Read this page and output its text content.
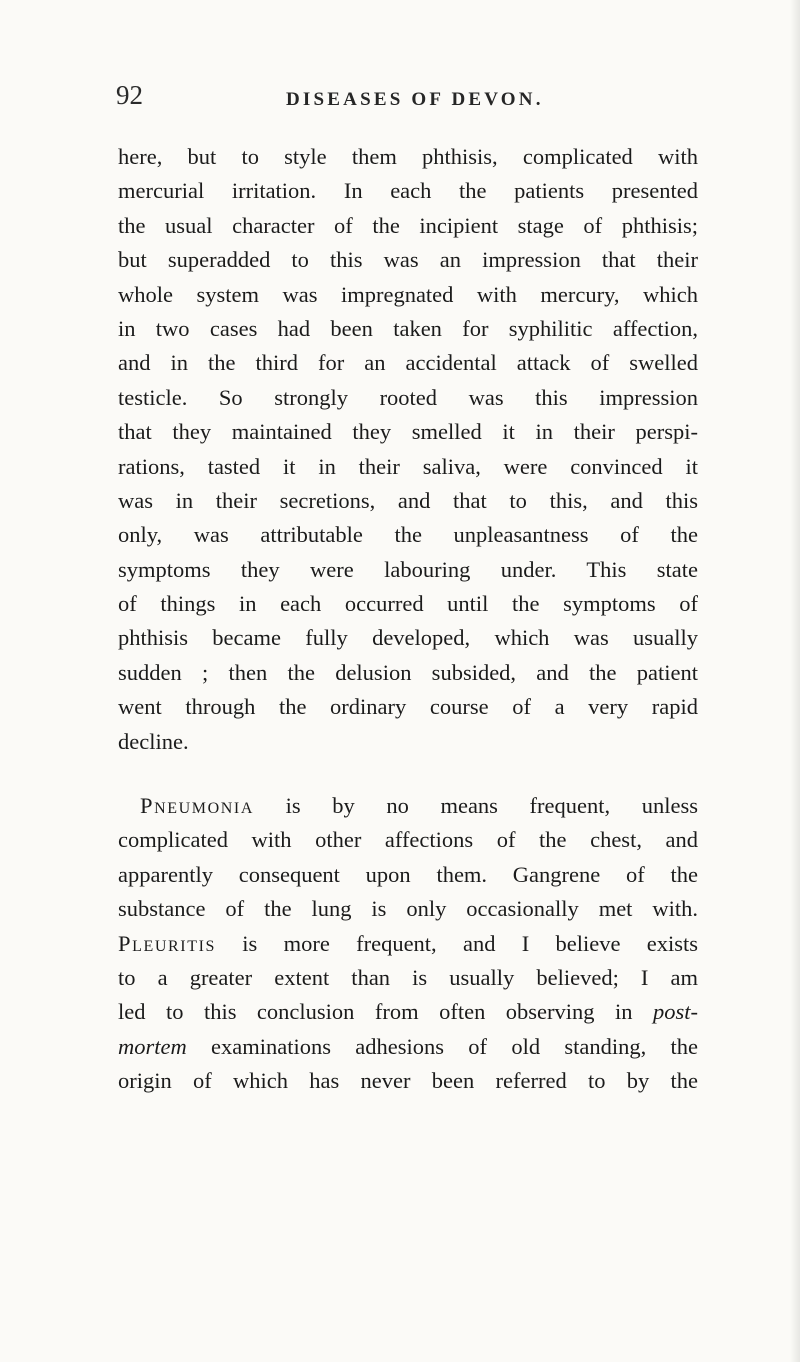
92	DISEASES OF DEVON.
here, but to style them phthisis, complicated with
mercurial irritation. In each the patients presented
the usual character of the incipient stage of phthisis;
but superadded to this was an impression that their
whole system was impregnated with mercury, which
in two cases had been taken for syphilitic affection,
and in the third for an accidental attack of swelled
testicle. So strongly rooted was this impression
that they maintained they smelled it in their perspi-
rations, tasted it in their saliva, were convinced it
was in their secretions, and that to this, and this
only, was attributable the unpleasantness of the
symptoms they were labouring under. This state
of things in each occurred until the symptoms of
phthisis became fully developed, which was usually
sudden ; then the delusion subsided, and the patient
went through the ordinary course of a very rapid
decline.
Pneumonia is by no means frequent, unless
complicated with other affections of the chest, and
apparently consequent upon them. Gangrene of the
substance of the lung is only occasionally met with.
Pleuritis is more frequent, and I believe exists
to a greater extent than is usually believed; I am
led to this conclusion from often observing in post-
mortem examinations adhesions of old standing, the
origin of which has never been referred to by the
